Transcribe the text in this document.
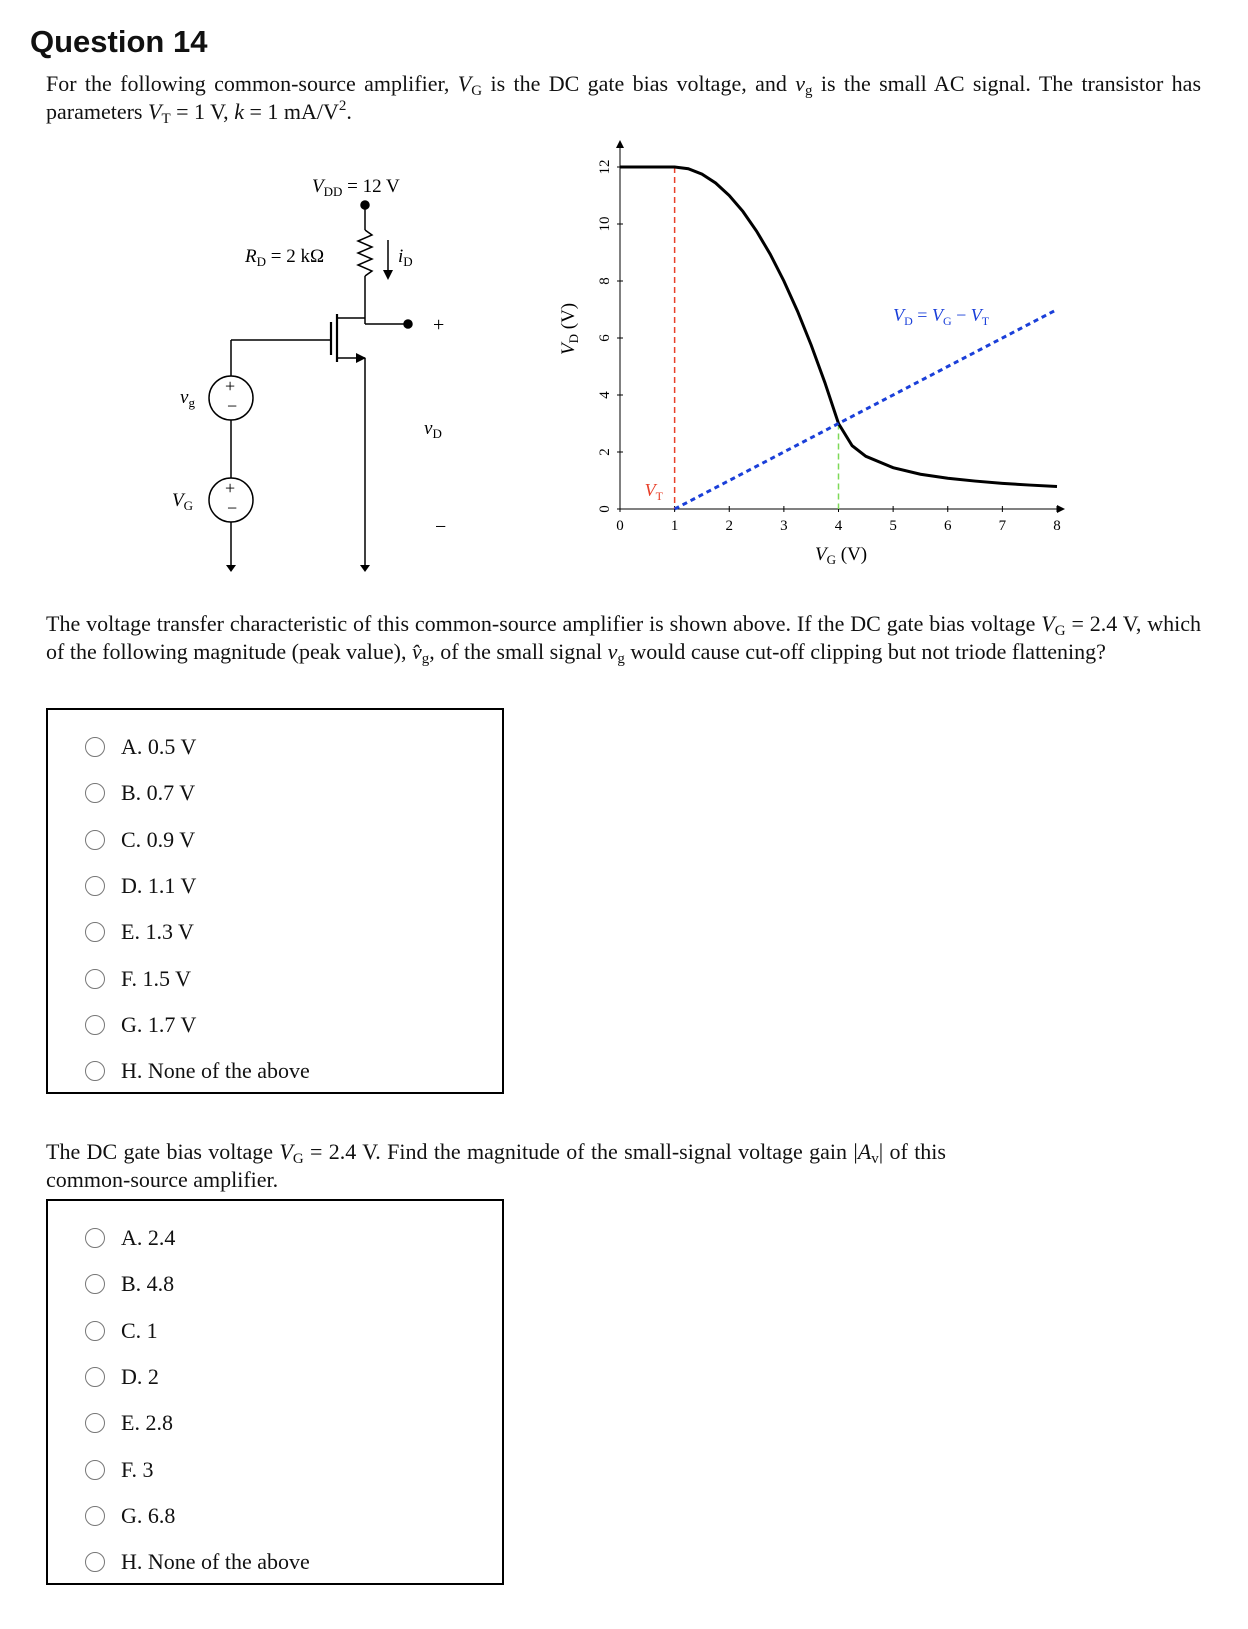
Question 14
For the following common-source amplifier, $V_G$ is the DC gate bias voltage, and $v_g$ is the small AC signal. The transistor has parameters $V_T = 1$ V, k = 1 $mA/V^2$.
$V_{DD} = 12$ V
$R_D = 2$ kΩ	$i_D$
+
$v_D$
−
+
−
$v_g$
+
−
$V_G$
0	1	2	3	4	5	6	7	8
0
2
4
6
8
10
12
$V_T$
$V_D = V_G - V_T$
$V_G$ (V)
$V_D$ (V)
The voltage transfer characteristic of this common-source amplifier is shown above. If the DC gate bias voltage $V_G = 2.4$ V, which of the following magnitude (peak value), $v̂_g$, of the small signal $v_g$ would cause cut-off clipping but not triode flattening?
A. 0.5 V
B. 0.7 V
C. 0.9 V
D. 1.1 V
E. 1.3 V
F. 1.5 V
G. 1.7 V
H. None of the above
The DC gate bias voltage $V_G = 2.4$ V. Find the magnitude of the small-signal voltage gain $|A_v|$ of this common-source amplifier.
A. 2.4
B. 4.8
C. 1
D. 2
E. 2.8
F. 3
G. 6.8
H. None of the above
